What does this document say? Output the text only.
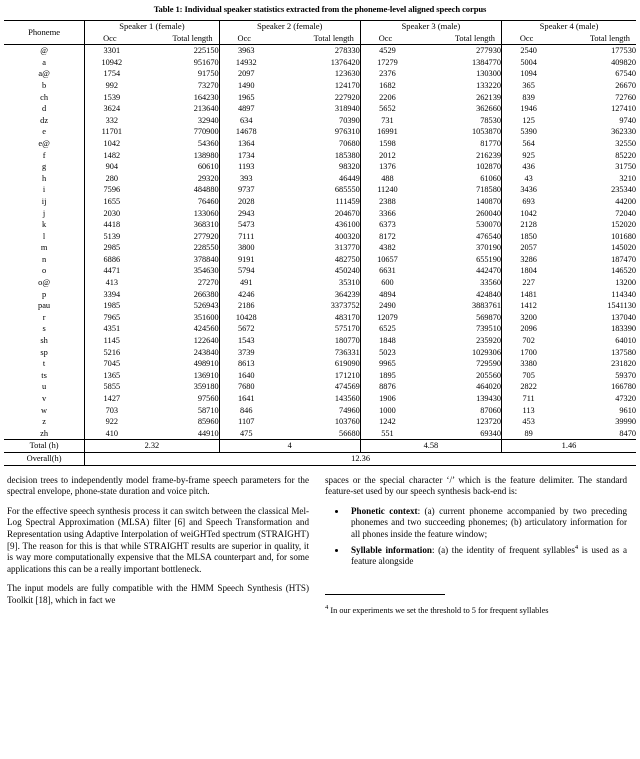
Table 1: Individual speaker statistics extracted from the phoneme-level aligned speech corpus
Phoneme	Speaker 1 (female)		Speaker 2 (female)		Speaker 3 (male)		Speaker 4 (male)	
	Occ	Total length	Occ	Total length	Occ	Total length	Occ	Total length
@	3301	225150	3963	278330	4529	277930	2540	177530
a	10942	951670	14932	1376420	17279	1384770	5004	409820
a@	1754	91750	2097	123630	2376	130300	1094	67540
b	992	73270	1490	124170	1682	133220	365	26670
ch	1539	164230	1965	227920	2206	262139	839	72760
d	3624	213640	4897	318940	5652	362660	1946	127410
dz	332	32940	634	70390	731	78530	125	9740
e	11701	770900	14678	976310	16991	1053870	5390	362330
e@	1042	54360	1364	70680	1598	81770	564	32550
f	1482	138980	1734	185380	2012	216239	925	85220
g	904	60610	1193	98320	1376	102870	436	31750
h	280	29320	393	46449	488	61060	43	3210
i	7596	484880	9737	685550	11240	718580	3436	235340
ij	1655	76460	2028	111459	2388	140870	693	44200
j	2030	133060	2943	204670	3366	260040	1042	72040
k	4418	368310	5473	436100	6373	530070	2128	152020
l	5139	277920	7111	400320	8172	476540	1850	101680
m	2985	228550	3800	313770	4382	370190	2057	145020
n	6886	378840	9191	482750	10657	655190	3286	187470
o	4471	354630	5794	450240	6631	442470	1804	146520
o@	413	27270	491	35310	600	33560	227	13200
p	3394	266380	4246	364239	4894	424840	1481	114340
pau	1985	526943	2186	3373752	2490	3883761	1412	1541130
r	7965	351600	10428	483170	12079	569870	3200	137040
s	4351	424560	5672	575170	6525	739510	2096	183390
sh	1145	122640	1543	180770	1848	235920	702	64010
sp	5216	243840	3739	736331	5023	1029306	1700	137580
t	7045	498910	8613	619090	9965	729590	3380	231820
ts	1365	136910	1640	171210	1895	205560	705	59370
u	5855	359180	7680	474569	8876	464020	2822	166780
v	1427	97560	1641	143560	1906	139430	711	47320
w	703	58710	846	74960	1000	87060	113	9610
z	922	85960	1107	103760	1242	123720	453	39990
zh	410	44910	475	56680	551	69340	89	8470
Total (h)	2.32		4		4.58		1.46	
Overall(h)	12.36							

decision trees to independently model frame-by-frame speech parameters for the spectral envelope, phone-state duration and voice pitch.

For the effective speech synthesis process it can switch between the classical Mel-Log Spectral Approximation (MLSA) filter [6] and Speech Transformation and Representation using Adaptive Interpolation of weiGHTed spectrum (STRAIGHT) [9]. The reason for this is that while STRAIGHT results are superior in quality, it is way more computationally expensive that the MLSA counterpart and, for some applications this can be a really important bottleneck.

The input models are fully compatible with the HMM Speech Synthesis (HTS) Toolkit [18], which in fact we

spaces or the special character ‘/’ which is the feature delimiter. The standard feature-set used by our speech synthesis back-end is:

• Phonetic context: (a) current phoneme accompanied by two preceding phonemes and two succeeding phonemes; (b) articulatory information for all phones inside the feature window;
• Syllable information: (a) the identity of frequent syllables$^4$ is used as a feature alongside
$^4$ In our experiments we set the threshold to 5 for frequent syllables
